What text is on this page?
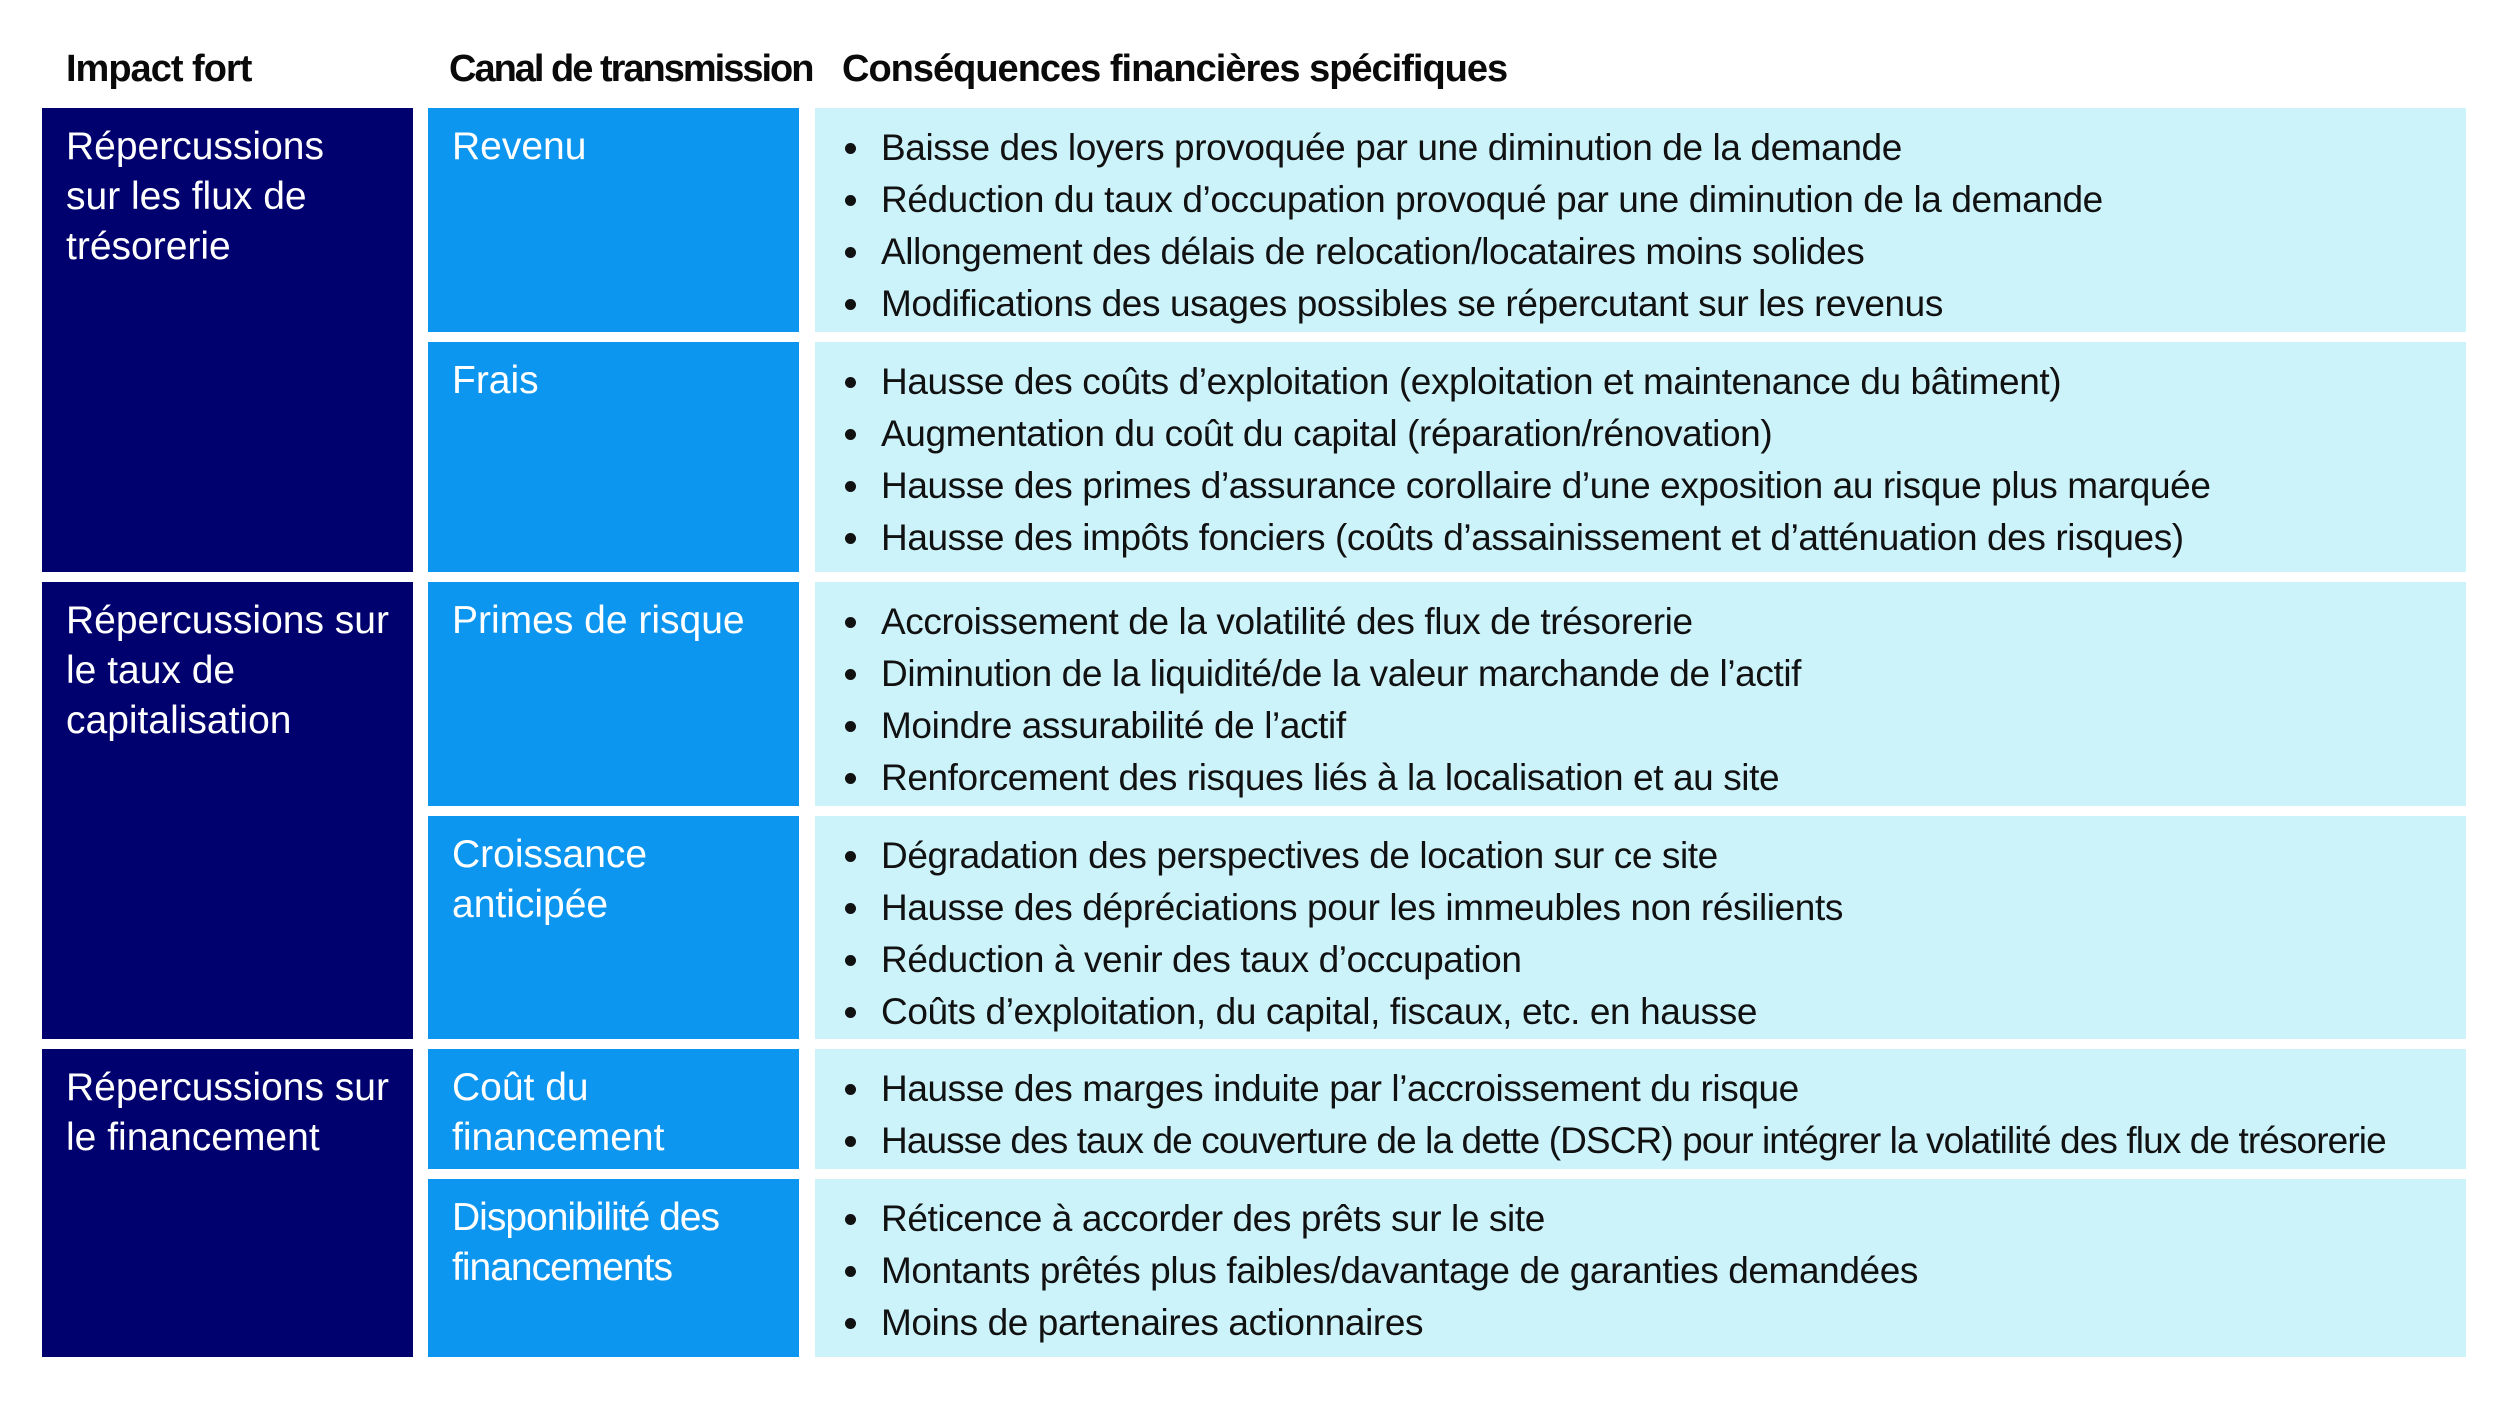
Impact fort	Canal de transmission Conséquences financières spécifiques
Répercussions sur les flux de trésorerie
Répercussions sur le taux de capitalisation
Répercussions sur le financement
Revenu
Frais
Primes de risque
Croissance anticipée
Coût du financement
Disponibilité des financements
Baisse des loyers provoquée par une diminution de la demande
Réduction du taux d’occupation provoqué par une diminution de la demande
Allongement des délais de relocation/locataires moins solides
Modifications des usages possibles se répercutant sur les revenus
Hausse des coûts d’exploitation (exploitation et maintenance du bâtiment)
Augmentation du coût du capital (réparation/rénovation)
Hausse des primes d’assurance corollaire d’une exposition au risque plus marquée
Hausse des impôts fonciers (coûts d’assainissement et d’atténuation des risques)
Accroissement de la volatilité des flux de trésorerie
Diminution de la liquidité/de la valeur marchande de l’actif
Moindre assurabilité de l’actif
Renforcement des risques liés à la localisation et au site
Dégradation des perspectives de location sur ce site
Hausse des dépréciations pour les immeubles non résilients
Réduction à venir des taux d’occupation
Coûts d’exploitation, du capital, fiscaux, etc. en hausse
Hausse des marges induite par l’accroissement du risque
Hausse des taux de couverture de la dette (DSCR) pour intégrer la volatilité des flux de trésorerie
Réticence à accorder des prêts sur le site
Montants prêtés plus faibles/davantage de garanties demandées
Moins de partenaires actionnaires
